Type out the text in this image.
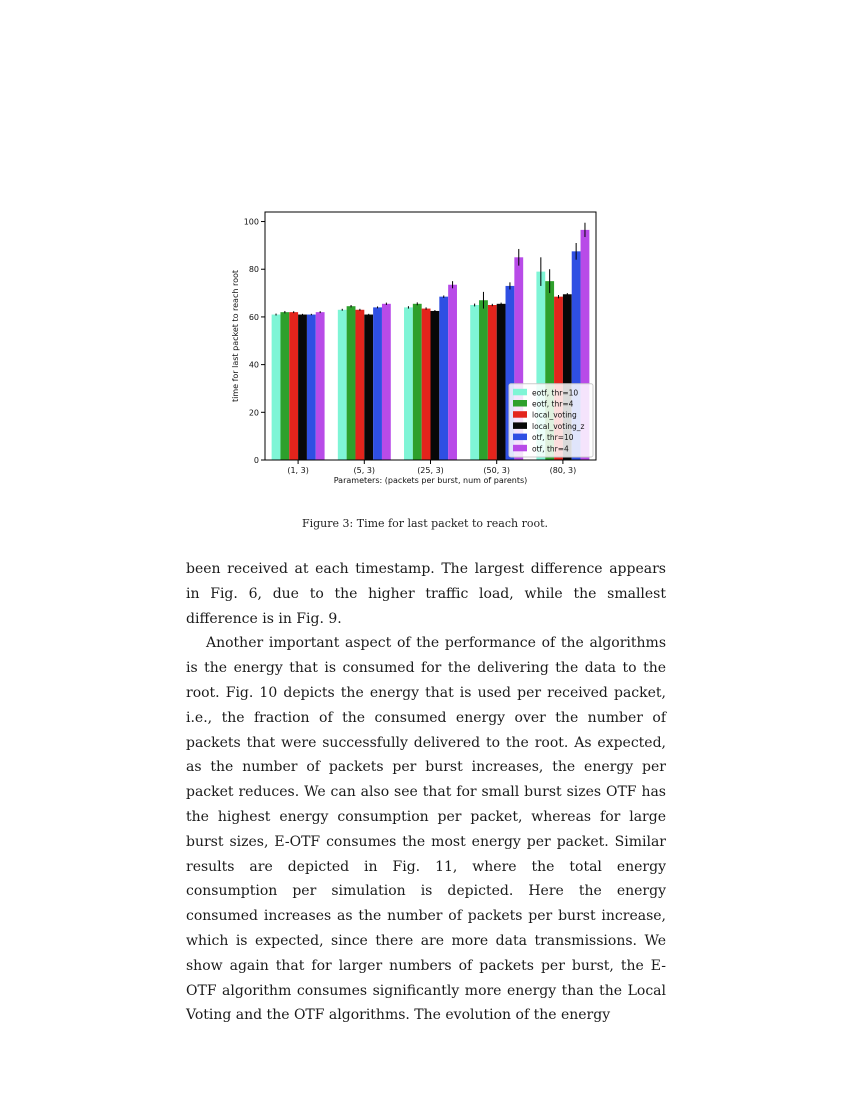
0
20
40
60
80
100
(1, 3)	(5, 3)	(25, 3)	(50, 3)	(80, 3)
Parameters: (packets per burst, num of parents)
time for last packet to reach root	eotf, thr=10
eotf, thr=4
local_voting
local_voting_z
otf, thr=10
otf, thr=4
Figure 3: Time for last packet to reach root.

been received at each timestamp. The largest difference appears in Fig. 6, due to the higher traffic load, while the smallest difference is in Fig. 9.

Another important aspect of the performance of the algorithms is the energy that is consumed for the delivering the data to the root. Fig. 10 depicts the energy that is used per received packet, i.e., the fraction of the consumed energy over the number of packets that were successfully delivered to the root. As expected, as the number of packets per burst increases, the energy per packet reduces. We can also see that for small burst sizes OTF has the highest energy consumption per packet, whereas for large burst sizes, E-OTF consumes the most energy per packet. Similar results are depicted in Fig. 11, where the total energy consumption per simulation is depicted. Here the energy consumed increases as the number of packets per burst increase, which is expected, since there are more data transmissions. We show again that for larger numbers of packets per burst, the E-OTF algorithm consumes significantly more energy than the Local Voting and the OTF algorithms. The evolution of the energy
